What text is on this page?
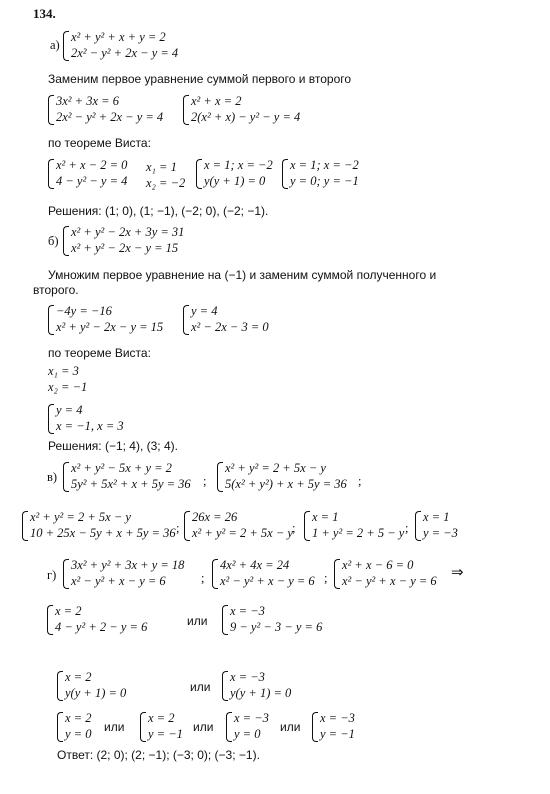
134.
а)
x² + y² + x + y = 2
2x² − y² + 2x − y = 4
Заменим первое уравнение суммой первого и второго
3x² + 3x = 6
2x² − y² + 2x − y = 4
x² + x = 2
2(x² + x) − y² − y = 4
по теореме Виста:
x² + x − 2 = 0
4 − y² − y = 4
x₁ = 1
x₂ = −2
x = 1; x = −2
y(y + 1) = 0
x = 1; x = −2
y = 0; y = −1
Решения: (1; 0), (1; −1), (−2; 0), (−2; −1).
б)
x² + y² − 2x + 3y = 31
x² + y² − 2x − y = 15
Умножим первое уравнение на (−1) и заменим суммой полученного и
второго.
−4y = −16
x² + y² − 2x − y = 15
y = 4
x² − 2x − 3 = 0
по теореме Виста:
x₁ = 3
x₂ = −1
y = 4
x = −1, x = 3
Решения: (−1; 4), (3; 4).
в)
x² + y² − 5x + y = 2
5y² + 5x² + x + 5y = 36 ;
x² + y² = 2 + 5x − y
5(x² + y²) + x + 5y = 36 ;
x² + y² = 2 + 5x − y
10 + 25x − 5y + x + 5y = 36 ;
26x = 26
x² + y² = 2 + 5x − y ;
x = 1
1 + y² = 2 + 5 − y ;
x = 1
y = −3
г)
3x² + y² + 3x + y = 18
x² − y² + x − y = 6	;
4x² + 4x = 24
x² − y² + x − y = 6 ;
x² + x − 6 = 0
x² − y² + x − y = 6 ⇒
x = 2
4 − y² + 2 − y = 6	или
x = −3
9 − y² − 3 − y = 6
x = 2
y(y + 1) = 0	или
x = −3
y(y + 1) = 0
x = 2
y = 0 или
x = 2
y = −1 или
x = −3
y = 0 или
x = −3
y = −1
Ответ: (2; 0); (2; −1); (−3; 0); (−3; −1).
